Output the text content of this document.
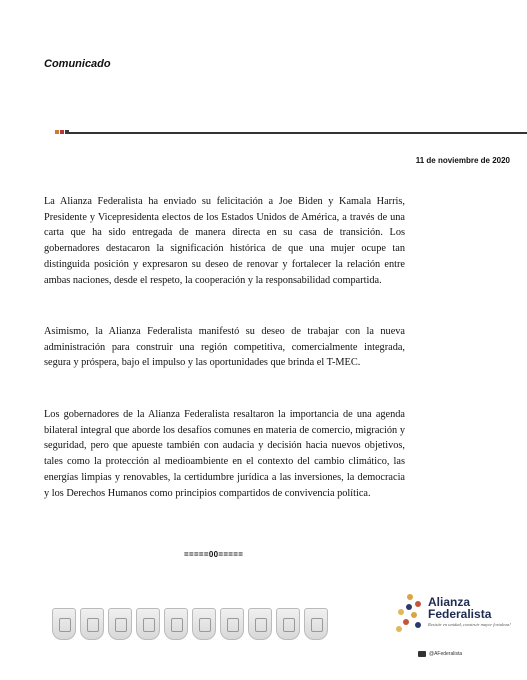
Comunicado
11 de noviembre de 2020

La Alianza Federalista ha enviado su felicitación a Joe Biden y Kamala Harris, Presidente y Vicepresidenta electos de los Estados Unidos de América, a través de una carta que ha sido entregada de manera directa en su casa de transición. Los gobernadores destacaron la significación histórica de que una mujer ocupe tan distinguida posición y expresaron su deseo de renovar y fortalecer la relación entre ambas naciones, desde el respeto, la cooperación y la responsabilidad compartida.

Asimismo, la Alianza Federalista manifestó su deseo de trabajar con la nueva administración para construir una región competitiva, comercialmente integrada, segura y próspera, bajo el impulso y las oportunidades que brinda el T-MEC.

Los gobernadores de la Alianza Federalista resaltaron la importancia de una agenda bilateral integral que aborde los desafíos comunes en materia de comercio, migración y seguridad, pero que apueste también con audacia y decisión hacia nuevos objetivos, tales como la protección al medioambiente en el contexto del cambio climático, las energías limpias y renovables, la certidumbre jurídica a las inversiones, la democracia y los Derechos Humanos como principios compartidos de convivencia política.

=====00=====
Alianza
Federalista
Resistir en unidad, construir mayor fortaleza!
@AFederalista
